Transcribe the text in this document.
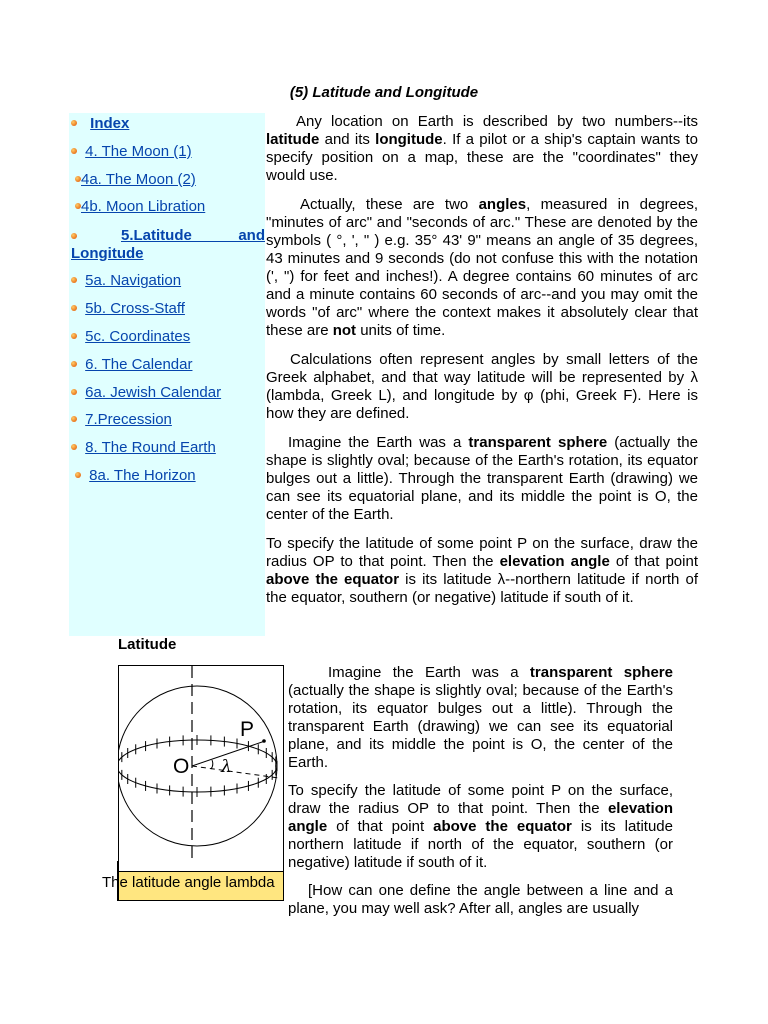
(5) Latitude and Longitude
Index
4. The Moon (1)
4a. The Moon (2)
4b. Moon Libration
5.Latitude and
Longitude
5a. Navigation
5b. Cross-Staff
5c. Coordinates
6. The Calendar
6a. Jewish Calendar
7.Precession
8. The Round Earth
8a. The Horizon

Any location on Earth is described by two numbers--its latitude and its longitude. If a pilot or a ship's captain wants to specify position on a map, these are the "coordinates" they would use.

Actually, these are two angles, measured in degrees, "minutes of arc" and "seconds of arc." These are denoted by the symbols ( °, ', " ) e.g. 35° 43' 9" means an angle of 35 degrees, 43 minutes and 9 seconds (do not confuse this with the notation (', ") for feet and inches!). A degree contains 60 minutes of arc and a minute contains 60 seconds of arc--and you may omit the words "of arc" where the context makes it absolutely clear that these are not units of time.

Calculations often represent angles by small letters of the Greek alphabet, and that way latitude will be represented by λ (lambda, Greek L), and longitude by φ (phi, Greek F). Here is how they are defined.

Imagine the Earth was a transparent sphere (actually the shape is slightly oval; because of the Earth's rotation, its equator bulges out a little). Through the transparent Earth (drawing) we can see its equatorial plane, and its middle the point is O, the center of the Earth.

To specify the latitude of some point P on the surface, draw the radius OP to that point. Then the elevation angle of that point above the equator is its latitude λ--northern latitude if north of the equator, southern (or negative) latitude if south of it.

Latitude
O
P
λ
The latitude angle lambda

Imagine the Earth was a transparent sphere (actually the shape is slightly oval; because of the Earth's rotation, its equator bulges out a little). Through the transparent Earth (drawing) we can see its equatorial plane, and its middle the point is O, the center of the Earth.

To specify the latitude of some point P on the surface, draw the radius OP to that point. Then the elevation angle of that point above the equator is its latitude northern latitude if north of the equator, southern (or negative) latitude if south of it.

[How can one define the angle between a line and a plane, you may well ask? After all, angles are usually
